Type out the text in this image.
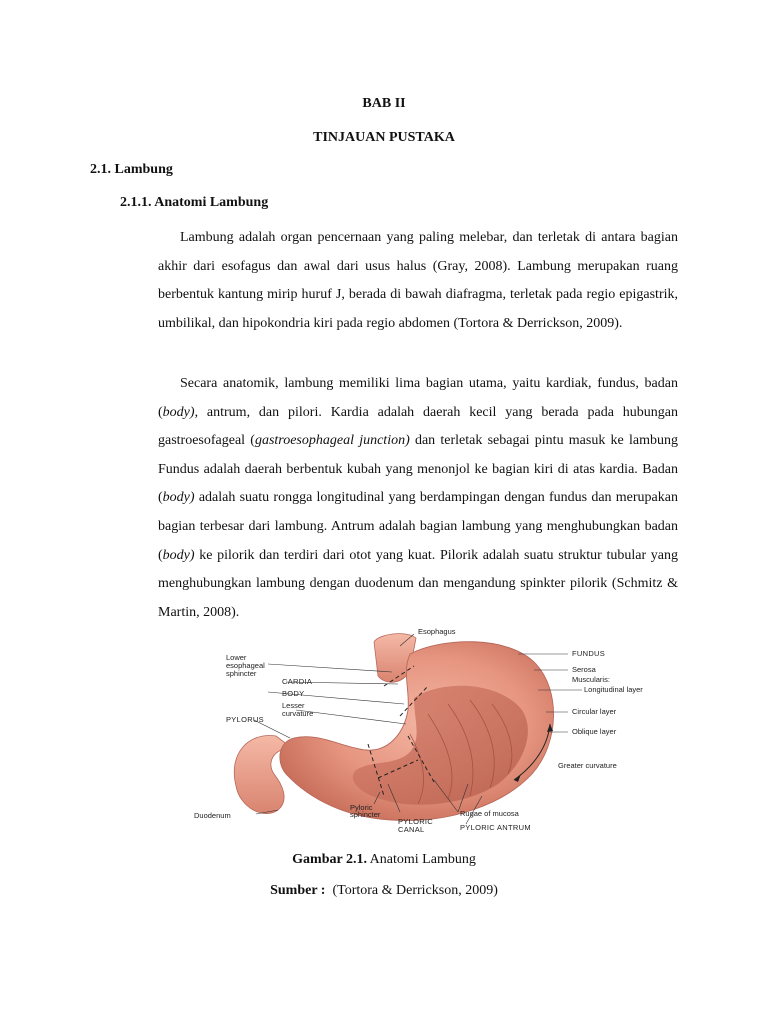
BAB II
TINJAUAN PUSTAKA
2.1. Lambung
2.1.1. Anatomi Lambung
Lambung adalah organ pencernaan yang paling melebar, dan terletak di antara bagian akhir dari esofagus dan awal dari usus halus (Gray, 2008). Lambung merupakan ruang berbentuk kantung mirip huruf J, berada di bawah diafragma, terletak pada regio epigastrik, umbilikal, dan hipokondria kiri pada regio abdomen (Tortora & Derrickson, 2009).
Secara anatomik, lambung memiliki lima bagian utama, yaitu kardiak, fundus, badan (body), antrum, dan pilori. Kardia adalah daerah kecil yang berada pada hubungan gastroesofageal (gastroesophageal junction) dan terletak sebagai pintu masuk ke lambung Fundus adalah daerah berbentuk kubah yang menonjol ke bagian kiri di atas kardia. Badan (body) adalah suatu rongga longitudinal yang berdampingan dengan fundus dan merupakan bagian terbesar dari lambung. Antrum adalah bagian lambung yang menghubungkan badan (body) ke pilorik dan terdiri dari otot yang kuat. Pilorik adalah suatu struktur tubular yang menghubungkan lambung dengan duodenum dan mengandung spinkter pilorik (Schmitz & Martin, 2008).
Esophagus
FUNDUS
Serosa
Muscularis:
Longitudinal layer
Circular layer
Oblique layer
Greater curvature
Lower
esophageal
sphincter
CARDIA
BODY
Lesser
curvature
PYLORUS
Duodenum
Pyloric
sphincter
PYLORIC
CANAL
Rugae of mucosa
PYLORIC ANTRUM
Gambar 2.1. Anatomi Lambung
Sumber :  (Tortora & Derrickson, 2009)
